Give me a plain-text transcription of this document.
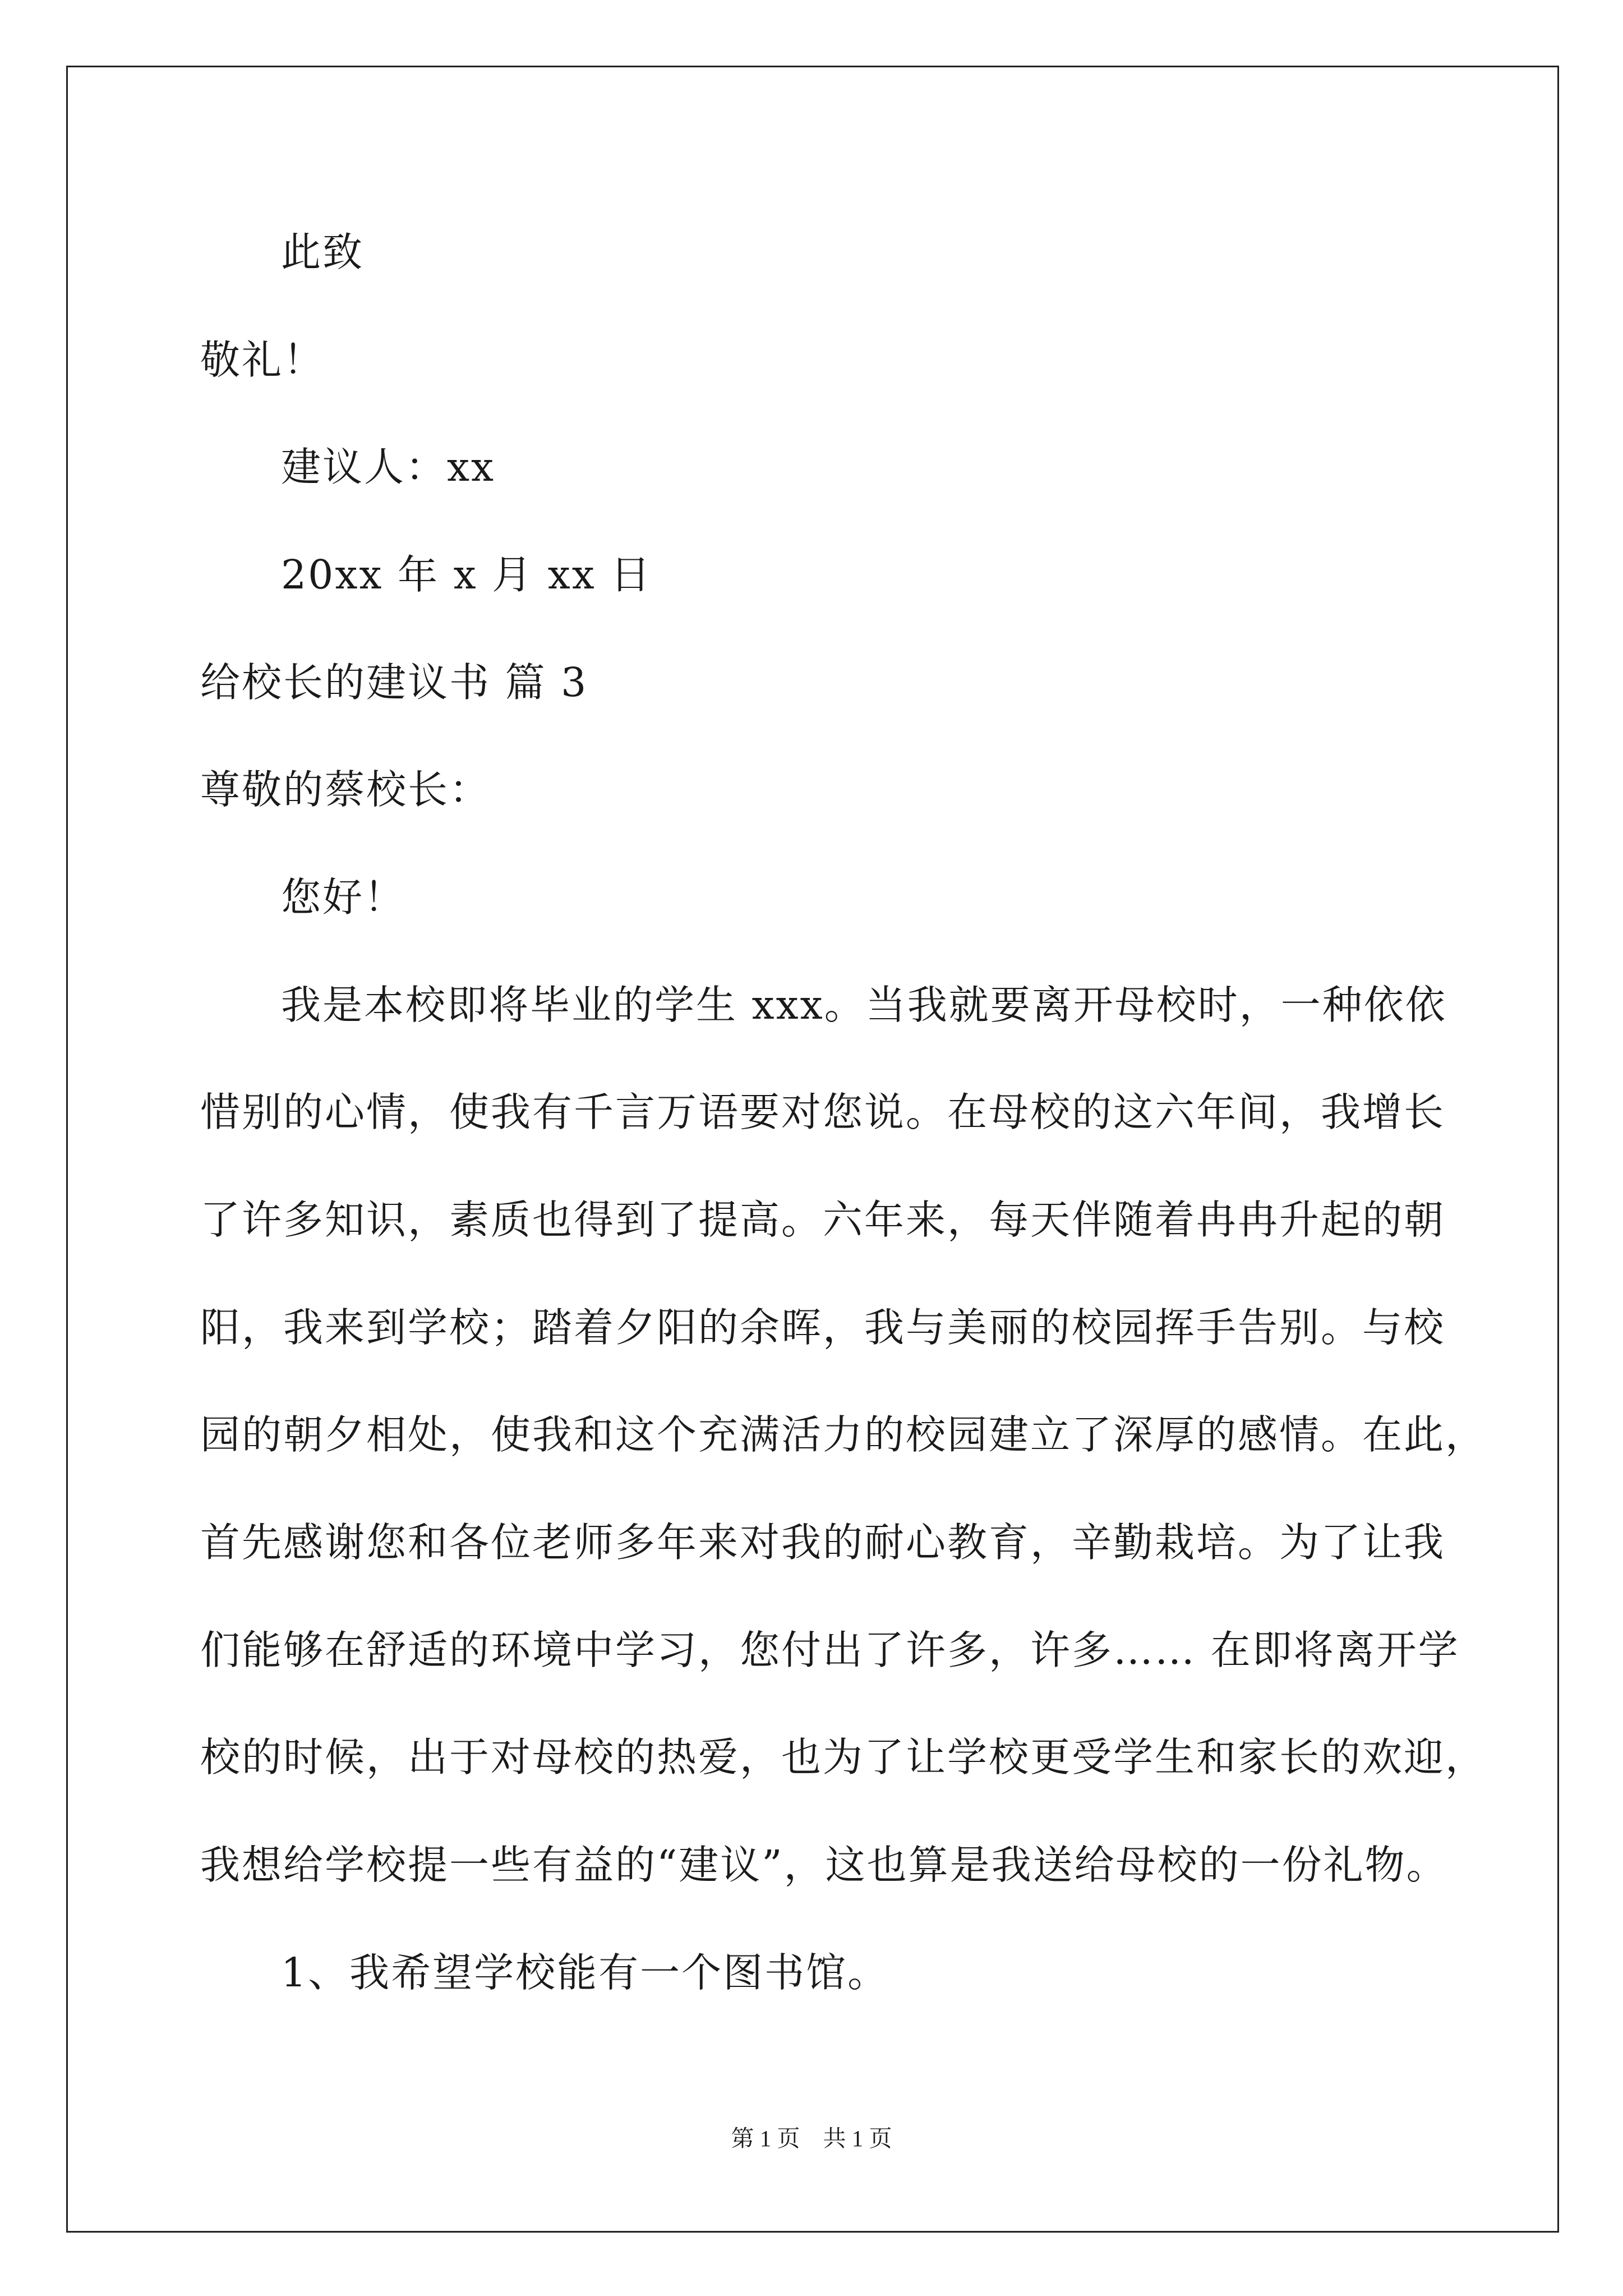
此致
敬礼！
建议人：xx
20xx 年 x 月 xx 日
给校长的建议书 篇 3
尊敬的蔡校长：
您好！
我是本校即将毕业的学生 xxx。当我就要离开母校时，一种依依
惜别的心情，使我有千言万语要对您说。在母校的这六年间，我增长
了许多知识，素质也得到了提高。六年来，每天伴随着冉冉升起的朝
阳，我来到学校；踏着夕阳的余晖，我与美丽的校园挥手告别。与校
园的朝夕相处，使我和这个充满活力的校园建立了深厚的感情。在此，
首先感谢您和各位老师多年来对我的耐心教育，辛勤栽培。为了让我
们能够在舒适的环境中学习，您付出了许多，许多…… 在即将离开学
校的时候，出于对母校的热爱，也为了让学校更受学生和家长的欢迎，
我想给学校提一些有益的“建议”，这也算是我送给母校的一份礼物。
1、我希望学校能有一个图书馆。
第 1 页    共 1 页
